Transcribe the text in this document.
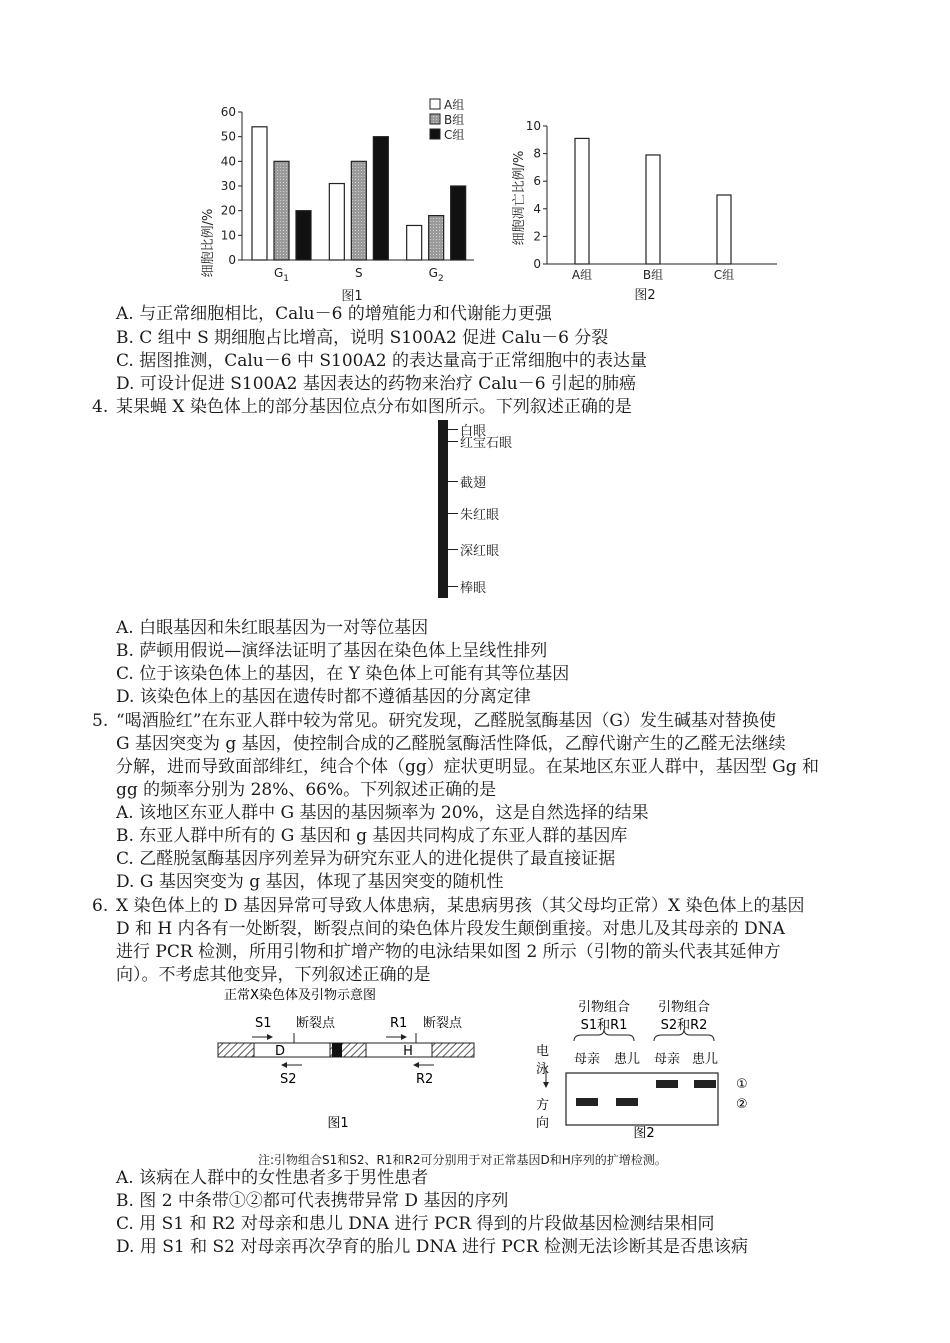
0
10
20
30
40
50
60
$G_1$	S	$G_2$
A组
B组
C组
细胞比例/%
图1
0
2
4
6
8
10
A组	B组	C组
细胞凋亡比例/%
图2
A. 与正常细胞相比，Calu－6 的增殖能力和代谢能力更强
B. C 组中 S 期细胞占比增高，说明 S100A2 促进 Calu－6 分裂
C. 据图推测，Calu－6 中 S100A2 的表达量高于正常细胞中的表达量
D. 可设计促进 S100A2 基因表达的药物来治疗 Calu－6 引起的肺癌
4. 某果蝇 X 染色体上的部分基因位点分布如图所示。下列叙述正确的是
白眼
红宝石眼
截翅
朱红眼
深红眼
棒眼
A. 白眼基因和朱红眼基因为一对等位基因
B. 萨顿用假说—演绎法证明了基因在染色体上呈线性排列
C. 位于该染色体上的基因，在 Y 染色体上可能有其等位基因
D. 该染色体上的基因在遗传时都不遵循基因的分离定律
5. “喝酒脸红”在东亚人群中较为常见。研究发现，乙醛脱氢酶基因（G）发生碱基对替换使
G 基因突变为 g 基因，使控制合成的乙醛脱氢酶活性降低，乙醇代谢产生的乙醛无法继续
分解，进而导致面部绯红，纯合个体（gg）症状更明显。在某地区东亚人群中，基因型 Gg 和
gg 的频率分别为 28%、66%。下列叙述正确的是
A. 该地区东亚人群中 G 基因的基因频率为 20%，这是自然选择的结果
B. 东亚人群中所有的 G 基因和 g 基因共同构成了东亚人群的基因库
C. 乙醛脱氢酶基因序列差异为研究东亚人的进化提供了最直接证据
D. G 基因突变为 g 基因，体现了基因突变的随机性
6. X 染色体上的 D 基因异常可导致人体患病，某患病男孩（其父母均正常）X 染色体上的基因
D 和 H 内各有一处断裂，断裂点间的染色体片段发生颠倒重接。对患儿及其母亲的 DNA
进行 PCR 检测，所用引物和扩增产物的电泳结果如图 2 所示（引物的箭头代表其延伸方
向）。不考虑其他变异，下列叙述正确的是
正常X染色体及引物示意图
D	H
断裂点	断裂点
S1	R1
S2	R2
图1
引物组合
S1和R1
引物组合
S2和R2
母亲 患儿 母亲 患儿
电
泳
方
向
①
②
图2
注:引物组合S1和S2、R1和R2可分别用于对正常基因D和H序列的扩增检测。
A. 该病在人群中的女性患者多于男性患者
B. 图 2 中条带①②都可代表携带异常 D 基因的序列
C. 用 S1 和 R2 对母亲和患儿 DNA 进行 PCR 得到的片段做基因检测结果相同
D. 用 S1 和 S2 对母亲再次孕育的胎儿 DNA 进行 PCR 检测无法诊断其是否患该病
